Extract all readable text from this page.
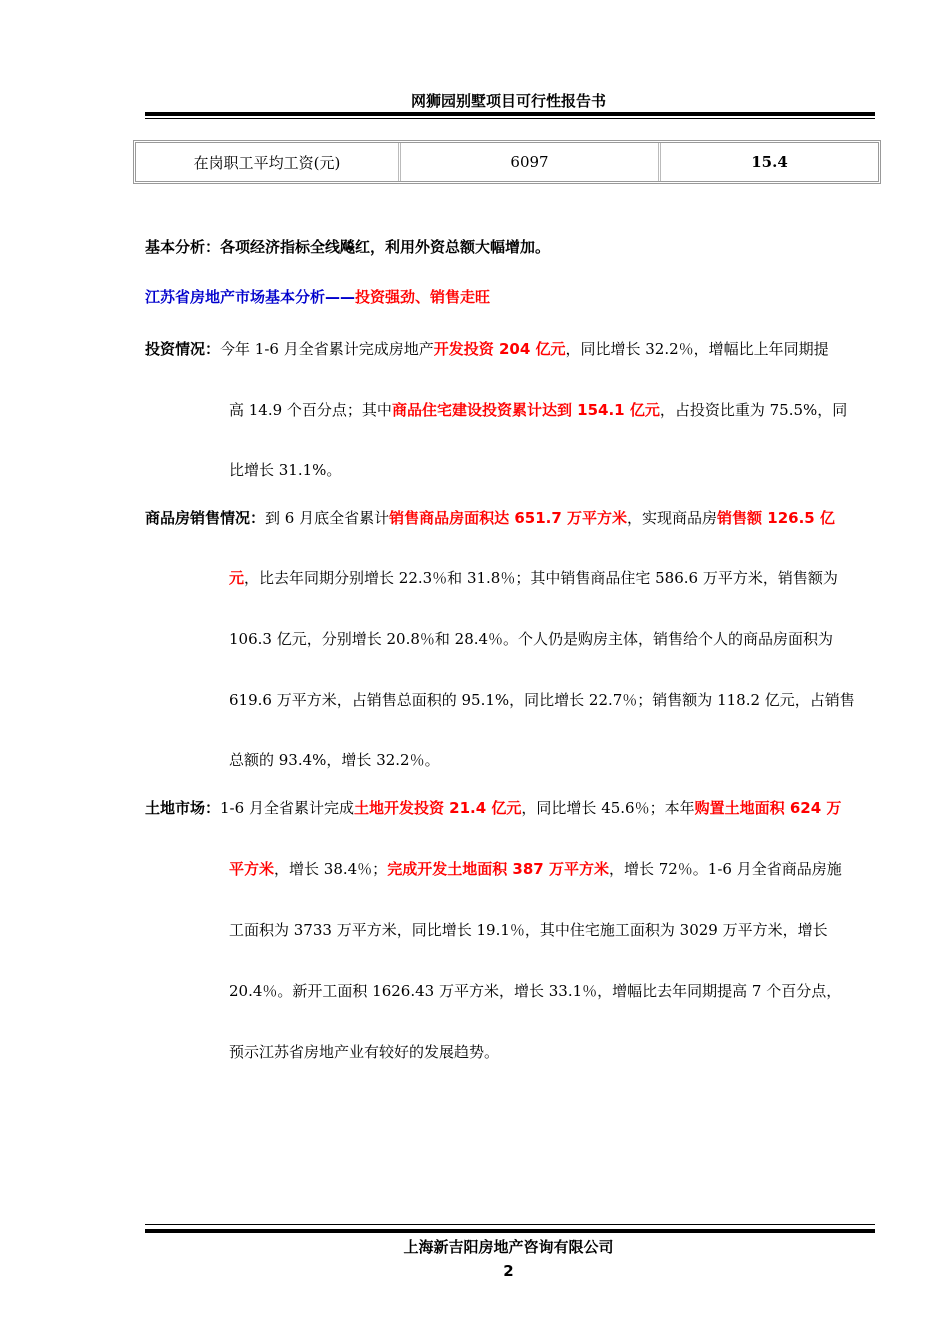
网狮园别墅项目可行性报告书
在岗职工平均工资(元)	6097	15.4
基本分析：各项经济指标全线飚红，利用外资总额大幅增加。
江苏省房地产市场基本分析——投资强劲、销售走旺
投资情况：今年 1-6 月全省累计完成房地产开发投资 204 亿元，同比增长 32.2％，增幅比上年同期提
高 14.9 个百分点；其中商品住宅建设投资累计达到 154.1 亿元，占投资比重为 75.5%，同
比增长 31.1%。
商品房销售情况：到 6 月底全省累计销售商品房面积达 651.7 万平方米，实现商品房销售额 126.5 亿
元，比去年同期分别增长 22.3％和 31.8％；其中销售商品住宅 586.6 万平方米，销售额为
106.3 亿元，分别增长 20.8％和 28.4％。个人仍是购房主体，销售给个人的商品房面积为
619.6 万平方米，占销售总面积的 95.1%，同比增长 22.7％；销售额为 118.2 亿元，占销售
总额的 93.4%，增长 32.2％。
土地市场：1-6 月全省累计完成土地开发投资 21.4 亿元，同比增长 45.6％；本年购置土地面积 624 万
平方米，增长 38.4％；完成开发土地面积 387 万平方米，增长 72％。1-6 月全省商品房施
工面积为 3733 万平方米，同比增长 19.1％，其中住宅施工面积为 3029 万平方米，增长
20.4％。新开工面积 1626.43 万平方米，增长 33.1％，增幅比去年同期提高 7 个百分点，
预示江苏省房地产业有较好的发展趋势。
上海新吉阳房地产咨询有限公司
2
